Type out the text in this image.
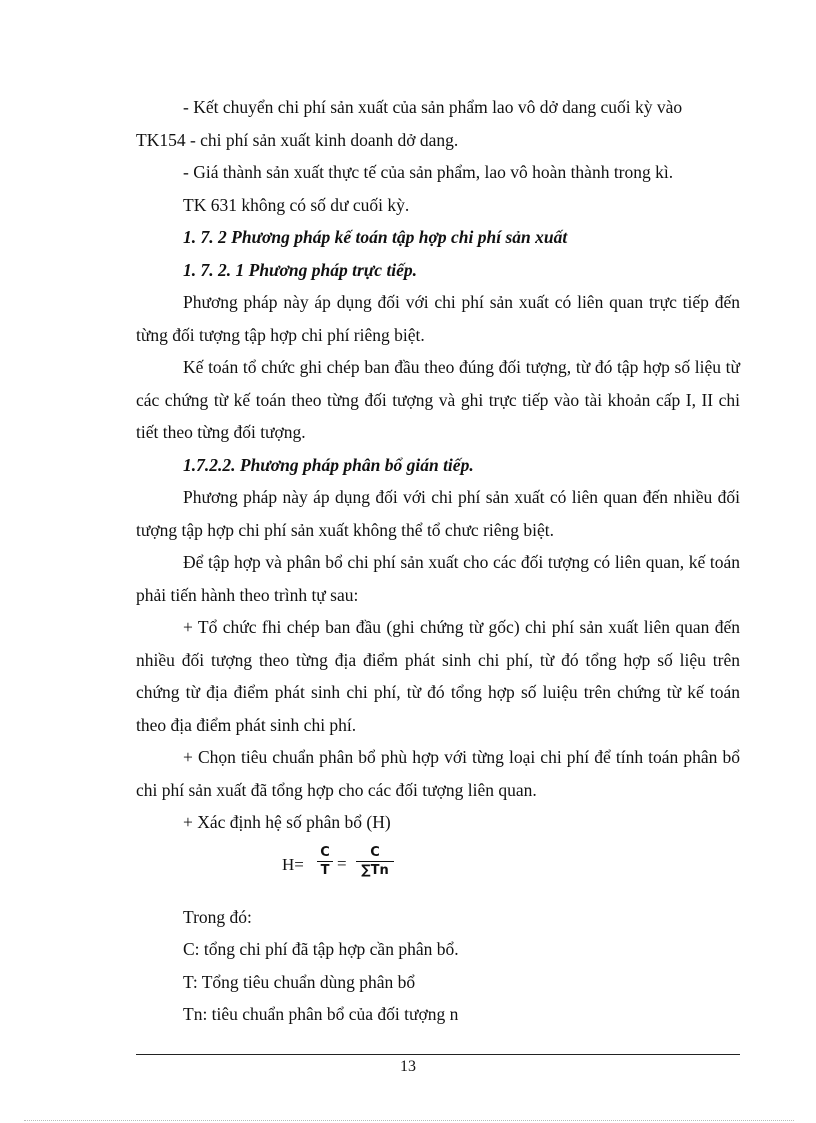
- Kết chuyển chi phí sản xuất của sản phẩm lao vô dở dang cuối kỳ vào

TK154 - chi phí sản xuất kinh doanh dở dang.

- Giá thành sản xuất thực tế của sản phẩm, lao vô hoàn thành trong kì.

TK 631 không có số dư cuối kỳ.

1. 7. 2 Phương pháp kế toán tập hợp chi phí sản xuất

1. 7. 2. 1 Phương pháp trực tiếp.

Phương pháp này áp dụng đối với chi phí sản xuất có liên quan trực tiếp đến từng đối tượng tập hợp chi phí riêng biệt.

Kế toán tổ chức ghi chép ban đầu theo đúng đối tượng, từ đó tập hợp số liệu từ các chứng từ kế toán theo từng đối tượng và ghi trực tiếp vào tài khoản cấp I, II chi tiết theo từng đối tượng.

1.7.2.2. Phương pháp phân bổ gián tiếp.

Phương pháp này áp dụng đối với chi phí sản xuất có liên quan đến nhiều đối tượng tập hợp chi phí sản xuất không thể tổ chưc riêng biệt.

Để tập hợp và phân bổ chi phí sản xuất cho các đối tượng có liên quan, kế toán phải tiến hành theo trình tự sau:

+ Tổ chức fhi chép ban đầu (ghi chứng từ gốc) chi phí sản xuất liên quan đến nhiều đối tượng theo từng địa điểm phát sinh chi phí, từ đó tổng hợp số liệu trên chứng từ địa điểm phát sinh chi phí, từ đó tổng hợp số luiệu trên chứng từ kế toán theo địa điểm phát sinh chi phí.

+ Chọn tiêu chuẩn phân bổ phù hợp với từng loại chi phí để tính toán phân bổ chi phí sản xuất đã tổng hợp cho các đối tượng liên quan.

+ Xác định hệ số phân bổ (H)

$H= \frac{C}{T} = \frac{C}{\sum Tn}$

Trong đó:

C: tổng chi phí đã tập hợp cần phân bổ.

T: Tổng tiêu chuẩn dùng phân bổ

Tn: tiêu chuẩn phân bổ của đối tượng n

13
